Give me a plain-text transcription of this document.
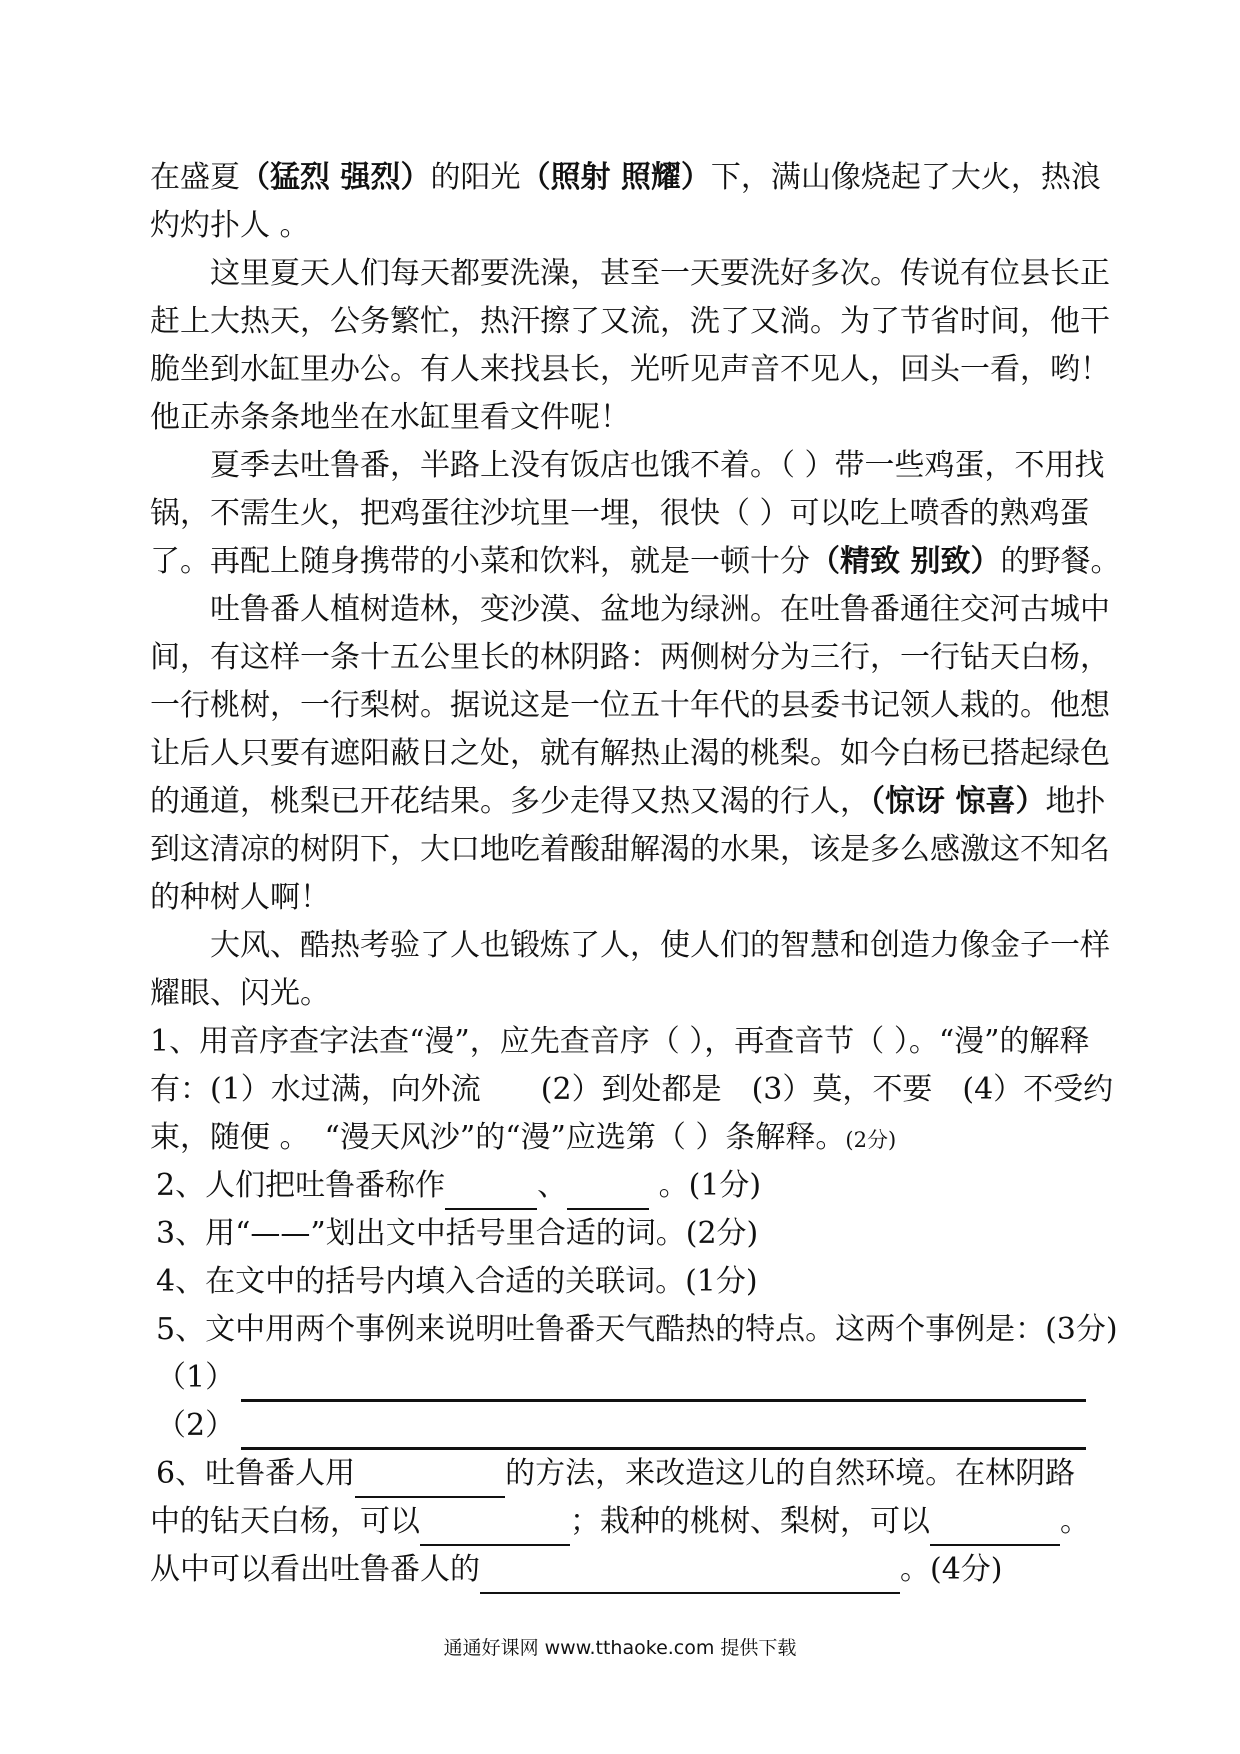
在盛夏（猛烈 强烈）的阳光（照射 照耀）下，满山像烧起了大火，热浪
灼灼扑人 。
这里夏天人们每天都要洗澡，甚至一天要洗好多次。传说有位县长正
赶上大热天，公务繁忙，热汗擦了又流，洗了又淌。为了节省时间，他干
脆坐到水缸里办公。有人来找县长，光听见声音不见人，回头一看，哟！
他正赤条条地坐在水缸里看文件呢！
夏季去吐鲁番，半路上没有饭店也饿不着。（ ）带一些鸡蛋，不用找
锅，不需生火，把鸡蛋往沙坑里一埋，很快（ ）可以吃上喷香的熟鸡蛋
了。再配上随身携带的小菜和饮料，就是一顿十分（精致 别致）的野餐。
吐鲁番人植树造林，变沙漠、盆地为绿洲。在吐鲁番通往交河古城中
间，有这样一条十五公里长的林阴路：两侧树分为三行，一行钻天白杨，
一行桃树，一行梨树。据说这是一位五十年代的县委书记领人栽的。他想
让后人只要有遮阳蔽日之处，就有解热止渴的桃梨。如今白杨已搭起绿色
的通道，桃梨已开花结果。多少走得又热又渴的行人，（惊讶 惊喜）地扑
到这清凉的树阴下，大口地吃着酸甜解渴的水果，该是多么感激这不知名
的种树人啊！
大风、酷热考验了人也锻炼了人，使人们的智慧和创造力像金子一样
耀眼、闪光。
1、用音序查字法查“漫”，应先查音序（ ），再查音节（ ）。“漫”的解释
有：(1）水过满，向外流　　(2）到处都是　(3）莫，不要　(4）不受约
束，随便 。　“漫天风沙”的“漫”应选第（ ）条解释。(2分)
2、人们把吐鲁番称作	、	。(1分)
3、用“——”划出文中括号里合适的词。(2分)
4、在文中的括号内填入合适的关联词。(1分)
5、文中用两个事例来说明吐鲁番天气酷热的特点。这两个事例是：(3分)
（1）
（2）
6、吐鲁番人用	的方法，来改造这儿的自然环境。在林阴路
中的钻天白杨，可以	；栽种的桃树、梨树，可以	。
从中可以看出吐鲁番人的	。(4分)
通通好课网 www.tthaoke.com 提供下载
